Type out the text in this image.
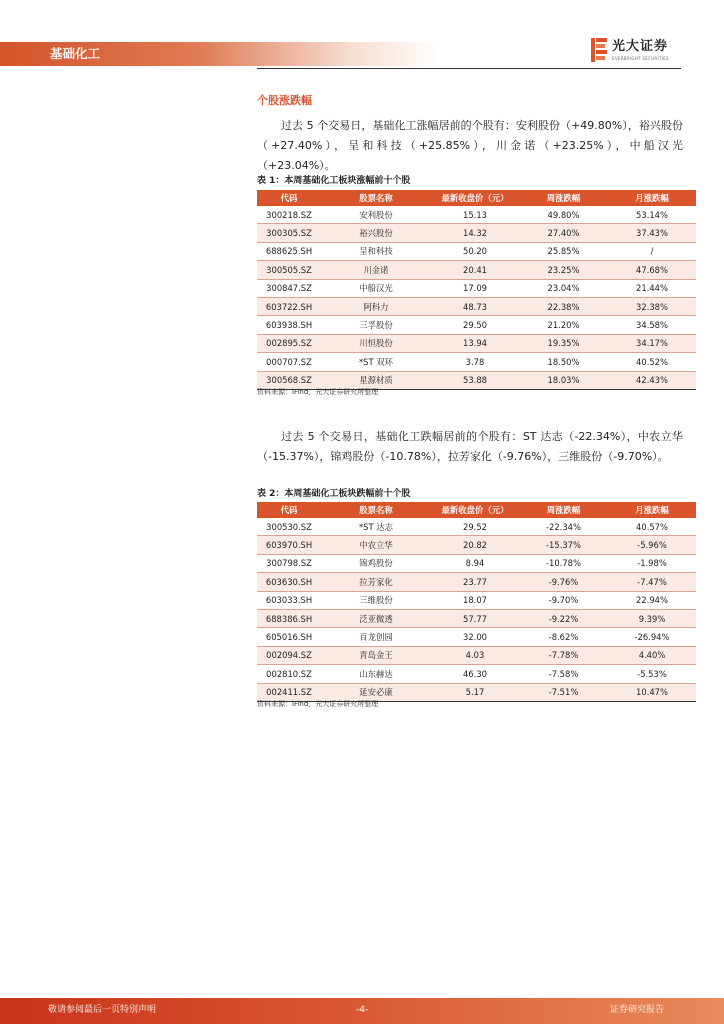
基础化工	光大证券
EVERBRIGHT SECURITIES
个股涨跌幅
过去 5 个交易日，基础化工涨幅居前的个股有：安利股份（+49.80%），裕兴股份（+27.40%），呈和科技（+25.85%），川金诺（+23.25%），中船汉光（+23.04%）。
表 1：本周基础化工板块涨幅前十个股
代码	股票名称	最新收盘价（元）	周涨跌幅	月涨跌幅
300218.SZ	安利股份	15.13	49.80%	53.14%
300305.SZ	裕兴股份	14.32	27.40%	37.43%
688625.SH	呈和科技	50.20	25.85%	/
300505.SZ	川金诺	20.41	23.25%	47.68%
300847.SZ	中船汉光	17.09	23.04%	21.44%
603722.SH	阿科力	48.73	22.38%	32.38%
603938.SH	三孚股份	29.50	21.20%	34.58%
002895.SZ	川恒股份	13.94	19.35%	34.17%
000707.SZ	*ST 双环	3.78	18.50%	40.52%
300568.SZ	星源材质	53.88	18.03%	42.43%
资料来源：iFind，光大证券研究所整理
过去 5 个交易日，基础化工跌幅居前的个股有：ST 达志（-22.34%），中农立华（-15.37%），锦鸡股份（-10.78%），拉芳家化（-9.76%），三维股份（-9.70%）。
表 2：本周基础化工板块跌幅前十个股
代码	股票名称	最新收盘价（元）	周涨跌幅	月涨跌幅
300530.SZ	*ST 达志	29.52	-22.34%	40.57%
603970.SH	中农立华	20.82	-15.37%	-5.96%
300798.SZ	锦鸡股份	8.94	-10.78%	-1.98%
603630.SH	拉芳家化	23.77	-9.76%	-7.47%
603033.SH	三维股份	18.07	-9.70%	22.94%
688386.SH	泛亚微透	57.77	-9.22%	9.39%
605016.SH	百龙创园	32.00	-8.62%	-26.94%
002094.SZ	青岛金王	4.03	-7.78%	4.40%
002810.SZ	山东赫达	46.30	-7.58%	-5.53%
002411.SZ	延安必康	5.17	-7.51%	10.47%
资料来源：iFind，光大证券研究所整理
敬请参阅最后一页特别声明	-4-	证券研究报告
